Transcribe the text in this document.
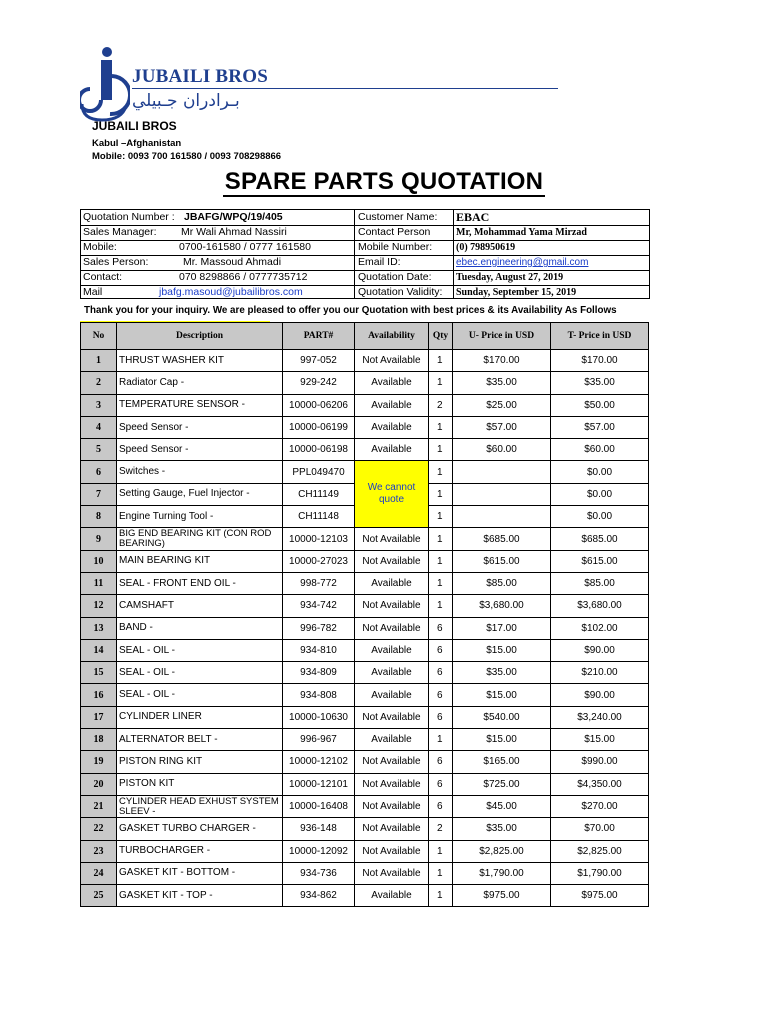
JUBAILI BROS
بـرادران جـبيلي
JUBAILI BROS
Kabul –Afghanistan
Mobile: 0093 700 161580 / 0093 708298866
SPARE PARTS QUOTATION
Quotation Number : JBAFG/WPQ/19/405	Customer Name: EBAC
Sales Manager: Mr Wali Ahmad Nassiri	Contact Person	Mr, Mohammad Yama Mirzad
Mobile:	0700-161580 / 0777 161580	Mobile Number: (0) 798950619
Sales Person:	Mr. Massoud Ahmadi	Email ID:	ebec.engineering@gmail.com
Contact:	070 8298866 / 0777735712	Quotation Date: Tuesday, August 27, 2019
Mail	jbafg.masoud@jubailibros.com	Quotation Validity: Sunday, September 15, 2019
Thank you for your inquiry. We are pleased to offer you our Quotation with best prices & its Availability As Follows
No	Description	PART#	Availability	Qty	U- Price in USD	T- Price in USD
1	THRUST WASHER KIT	997-052	Not Available	1	$170.00	$170.00
2	Radiator Cap -	929-242	Available	1	$35.00	$35.00
3	TEMPERATURE SENSOR -	10000-06206	Available	2	$25.00	$50.00
4	Speed Sensor -	10000-06199	Available	1	$57.00	$57.00
5	Speed Sensor -	10000-06198	Available	1	$60.00	$60.00
6	Switches -	PPL049470	We cannot quote	1		$0.00
7	Setting Gauge, Fuel Injector -	CH11149		1		$0.00
8	Engine Turning Tool -	CH11148		1		$0.00
9	BIG END BEARING KIT (CON ROD BEARING)	10000-12103	Not Available	1	$685.00	$685.00
10	MAIN BEARING KIT	10000-27023	Not Available	1	$615.00	$615.00
11	SEAL - FRONT END OIL -	998-772	Available	1	$85.00	$85.00
12	CAMSHAFT	934-742	Not Available	1	$3,680.00	$3,680.00
13	BAND -	996-782	Not Available	6	$17.00	$102.00
14	SEAL - OIL -	934-810	Available	6	$15.00	$90.00
15	SEAL - OIL -	934-809	Available	6	$35.00	$210.00
16	SEAL - OIL -	934-808	Available	6	$15.00	$90.00
17	CYLINDER LINER	10000-10630	Not Available	6	$540.00	$3,240.00
18	ALTERNATOR BELT -	996-967	Available	1	$15.00	$15.00
19	PISTON RING KIT	10000-12102	Not Available	6	$165.00	$990.00
20	PISTON KIT	10000-12101	Not Available	6	$725.00	$4,350.00
21	CYLINDER HEAD EXHUST SYSTEM SLEEV -	10000-16408	Not Available	6	$45.00	$270.00
22	GASKET TURBO CHARGER -	936-148	Not Available	2	$35.00	$70.00
23	TURBOCHARGER -	10000-12092	Not Available	1	$2,825.00	$2,825.00
24	GASKET KIT - BOTTOM -	934-736	Not Available	1	$1,790.00	$1,790.00
25	GASKET KIT - TOP -	934-862	Available	1	$975.00	$975.00
